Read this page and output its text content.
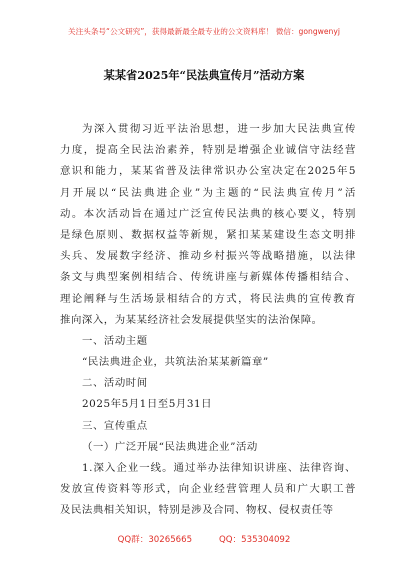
关注头条号“公文研究”，获得最新最全最专业的公文资料库！ 微信：gongwenyj
某某省2025年“民法典宣传月”活动方案
为深入贯彻习近平法治思想，进一步加大民法典宣传
力度，提高全民法治素养，特别是增强企业诚信守法经营
意识和能力，某某省普及法律常识办公室决定在2025年5
月开展以“民法典进企业”为主题的“民法典宣传月”活
动。本次活动旨在通过广泛宣传民法典的核心要义，特别
是绿色原则、数据权益等新规，紧扣某某建设生态文明排
头兵、发展数字经济、推动乡村振兴等战略措施，以法律
条文与典型案例相结合、传统讲座与新媒体传播相结合、
理论阐释与生活场景相结合的方式，将民法典的宣传教育
推向深入，为某某经济社会发展提供坚实的法治保障。
一、活动主题
“民法典进企业，共筑法治某某新篇章”
二、活动时间
2025年5月1日至5月31日
三、宣传重点
（一）广泛开展“民法典进企业”活动
1.深入企业一线。通过举办法律知识讲座、法律咨询、
发放宣传资料等形式，向企业经营管理人员和广大职工普
及民法典相关知识，特别是涉及合同、物权、侵权责任等
QQ群：30265665	QQ：535304092
